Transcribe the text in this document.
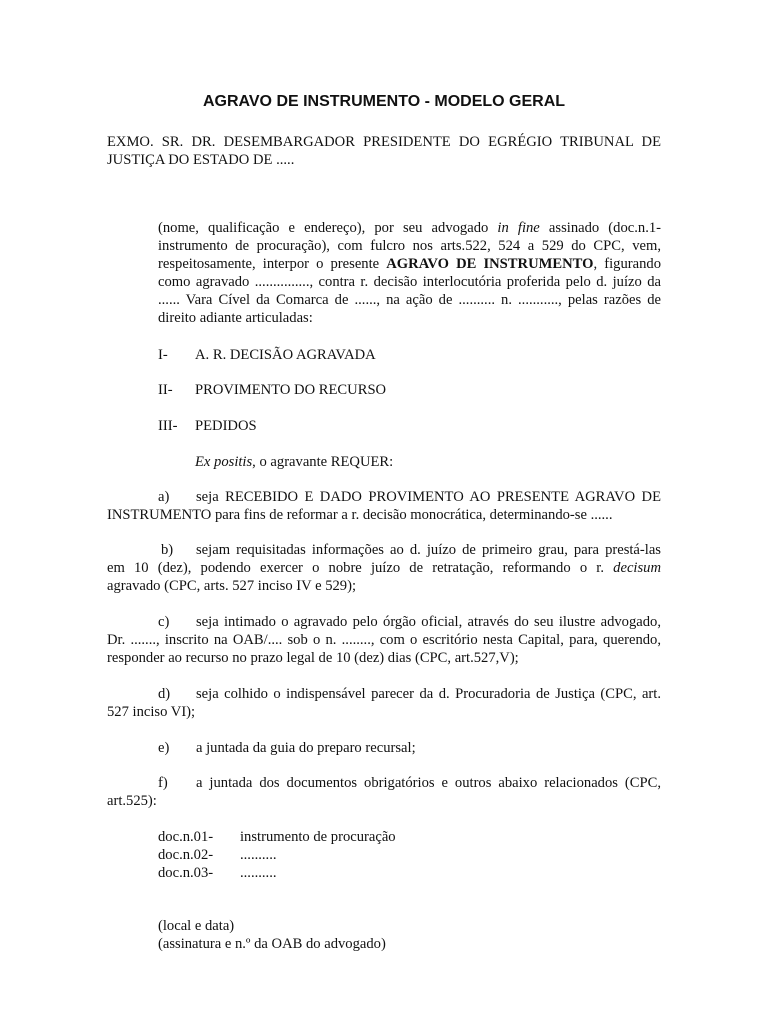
AGRAVO DE INSTRUMENTO - MODELO GERAL
EXMO. SR. DR. DESEMBARGADOR PRESIDENTE DO EGRÉGIO TRIBUNAL DE
JUSTIÇA DO ESTADO DE .....
(nome, qualificação e endereço), por seu advogado in fine assinado (doc.n.1-
instrumento de procuração), com fulcro nos arts.522, 524 a 529 do CPC, vem,
respeitosamente, interpor o presente AGRAVO DE INSTRUMENTO, figurando
como agravado ..............., contra r. decisão interlocutória proferida pelo d. juízo da
...... Vara Cível da Comarca de ......, na ação de .......... n. ..........., pelas razões de
direito adiante articuladas:
I- A. R. DECISÃO AGRAVADA
II- PROVIMENTO DO RECURSO
III- PEDIDOS
Ex positis, o agravante REQUER:
a) seja RECEBIDO E DADO PROVIMENTO AO PRESENTE AGRAVO DE
INSTRUMENTO para fins de reformar a r. decisão monocrática, determinando-se ......
b) sejam requisitadas informações ao d. juízo de primeiro grau, para prestá-las
em 10 (dez), podendo exercer o nobre juízo de retratação, reformando o r. decisum
agravado (CPC, arts. 527 inciso IV e 529);
c) seja intimado o agravado pelo órgão oficial, através do seu ilustre advogado,
Dr. ......., inscrito na OAB/.... sob o n. ........, com o escritório nesta Capital, para, querendo,
responder ao recurso no prazo legal de 10 (dez) dias (CPC, art.527,V);
d) seja colhido o indispensável parecer da d. Procuradoria de Justiça (CPC, art.
527 inciso VI);
e) a juntada da guia do preparo recursal;
f) a juntada dos documentos obrigatórios e outros abaixo relacionados (CPC,
art.525):
doc.n.01- instrumento de procuração
doc.n.02- ..........
doc.n.03- ..........
(local e data)
(assinatura e n.º da OAB do advogado)
